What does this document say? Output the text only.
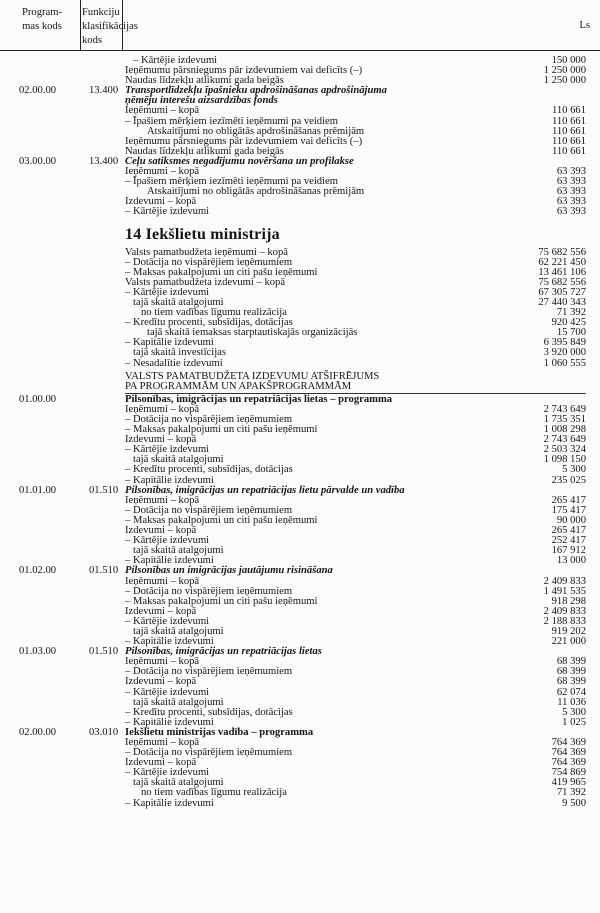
Program-
mas kods
Funkciju
klasifikācijas
kods
Ls
– Kārtējie izdevumi	150 000
Ieņēmumu pārsniegums pār izdevumiem vai deficīts (–)	1 250 000
Naudas līdzekļu atlikumi gada beigās	1 250 000
02.00.00	13.400 Transportlīdzekļu īpašnieku apdrošināšanas apdrošinājuma
ņēmēju interešu aizsardzības fonds
Ieņēmumi – kopā	110 661
– Īpašiem mērķiem iezīmēti ieņēmumi pa veidiem	110 661
Atskaitījumi no obligātās apdrošināšanas prēmijām	110 661
Ieņēmumu pārsniegums pār izdevumiem vai deficīts (–)	110 661
Naudas līdzekļu atlikumi gada beigās	110 661
03.00.00	13.400 Ceļu satiksmes negadījumu novēršana un profilakse
Ieņēmumi – kopā	63 393
– Īpašiem mērķiem iezīmēti ieņēmumi pa veidiem	63 393
Atskaitījumi no obligātās apdrošināšanas prēmijām	63 393
Izdevumi – kopā	63 393
– Kārtējie izdevumi	63 393
14 Iekšlietu ministrija
Valsts pamatbudžeta ieņēmumi – kopā	75 682 556
– Dotācija no vispārējiem ieņēmumiem	62 221 450
– Maksas pakalpojumi un citi pašu ieņēmumi	13 461 106
Valsts pamatbudžeta izdevumi – kopā	75 682 556
– Kārtējie izdevumi	67 305 727
tajā skaitā atalgojumi	27 440 343
no tiem vadības līgumu realizācija	71 392
– Kredītu procenti, subsīdijas, dotācijas	920 425
tajā skaitā iemaksas starptautiskajās organizācijās	15 700
– Kapitālie izdevumi	6 395 849
tajā skaitā investīcijas	3 920 000
– Nesadalītie izdevumi	1 060 555
VALSTS PAMATBUDŽETA IZDEVUMU ATŠIFRĒJUMS
PA PROGRAMMĀM UN APAKŠPROGRAMMĀM
01.00.00	Pilsonības, imigrācijas un repatriācijas lietas – programma
Ieņēmumi – kopā	2 743 649
– Dotācija no vispārējiem ieņēmumiem	1 735 351
– Maksas pakalpojumi un citi pašu ieņēmumi	1 008 298
Izdevumi – kopā	2 743 649
– Kārtējie izdevumi	2 503 324
tajā skaitā atalgojumi	1 098 150
– Kredītu procenti, subsīdijas, dotācijas	5 300
– Kapitālie izdevumi	235 025
01.01.00	01.510 Pilsonības, imigrācijas un repatriācijas lietu pārvalde un vadība
Ieņēmumi – kopā	265 417
– Dotācija no vispārējiem ieņēmumiem	175 417
– Maksas pakalpojumi un citi pašu ieņēmumi	90 000
Izdevumi – kopā	265 417
– Kārtējie izdevumi	252 417
tajā skaitā atalgojumi	167 912
– Kapitālie izdevumi	13 000
01.02.00	01.510 Pilsonības un imigrācijas jautājumu risināšana
Ieņēmumi – kopā	2 409 833
– Dotācija no vispārējiem ieņēmumiem	1 491 535
– Maksas pakalpojumi un citi pašu ieņēmumi	918 298
Izdevumi – kopā	2 409 833
– Kārtējie izdevumi	2 188 833
tajā skaitā atalgojumi	919 202
– Kapitālie izdevumi	221 000
01.03.00	01.510 Pilsonības, imigrācijas un repatriācijas lietas
Ieņēmumi – kopā	68 399
– Dotācija no vispārējiem ieņēmumiem	68 399
Izdevumi – kopā	68 399
– Kārtējie izdevumi	62 074
tajā skaitā atalgojumi	11 036
– Kredītu procenti, subsīdijas, dotācijas	5 300
– Kapitālie izdevumi	1 025
02.00.00	03.010 Iekšlietu ministrijas vadība – programma
Ieņēmumi – kopā	764 369
– Dotācija no vispārējiem ieņēmumiem	764 369
Izdevumi – kopā	764 369
– Kārtējie izdevumi	754 869
tajā skaitā atalgojumi	419 965
no tiem vadības līgumu realizācija	71 392
– Kapitālie izdevumi	9 500
